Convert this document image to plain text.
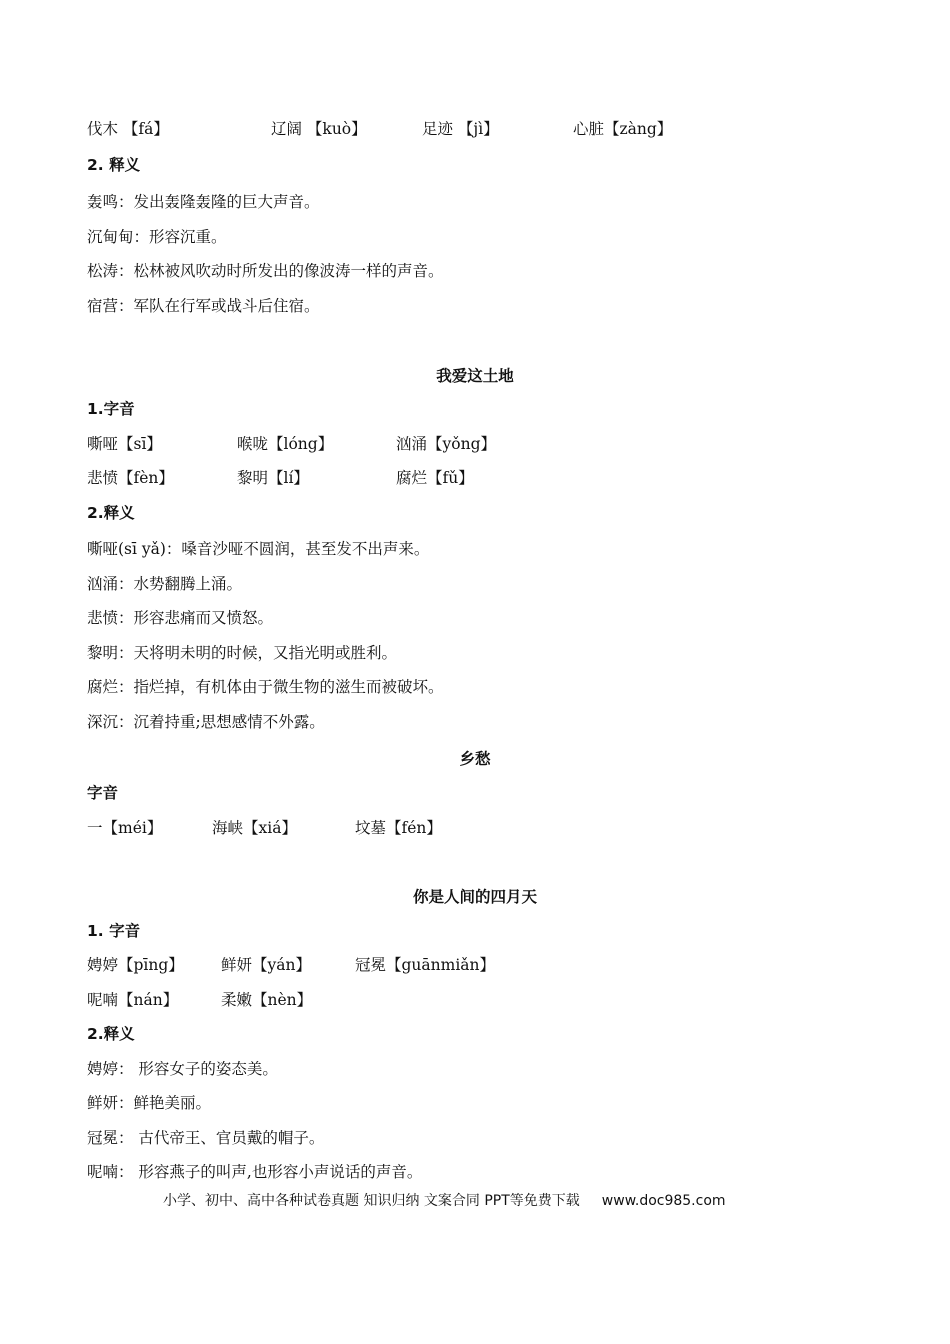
伐木 【fá】	辽阔 【kuò】	足迹 【jì】	心脏【zàng】
2. 释义
轰鸣：发出轰隆轰隆的巨大声音。
沉甸甸：形容沉重。
松涛：松林被风吹动时所发出的像波涛一样的声音。
宿营：军队在行军或战斗后住宿。
我爱这土地
1.字音
嘶哑【sī】	喉咙【lóng】	汹涌【yǒng】
悲愤【fèn】	黎明【lí】	腐烂【fǔ】
2.释义
嘶哑(sī yǎ)：嗓音沙哑不圆润，甚至发不出声来。
汹涌：水势翻腾上涌。
悲愤：形容悲痛而又愤怒。
黎明：天将明未明的时候，又指光明或胜利。
腐烂：指烂掉，有机体由于微生物的滋生而被破坏。
深沉：沉着持重;思想感情不外露。
乡愁
字音
一【méi】	海峡【xiá】	坟墓【fén】
你是人间的四月天
1. 字音
娉婷【pīng】 鲜妍【yán】	冠冕【guānmiǎn】
呢喃【nán】	柔嫩【nèn】
2.释义
娉婷： 形容女子的姿态美。
鲜妍：鲜艳美丽。
冠冕： 古代帝王、官员戴的帽子。
呢喃： 形容燕子的叫声,也形容小声说话的声音。
小学、初中、高中各种试卷真题 知识归纳 文案合同 PPT等免费下载 www.doc985.com
